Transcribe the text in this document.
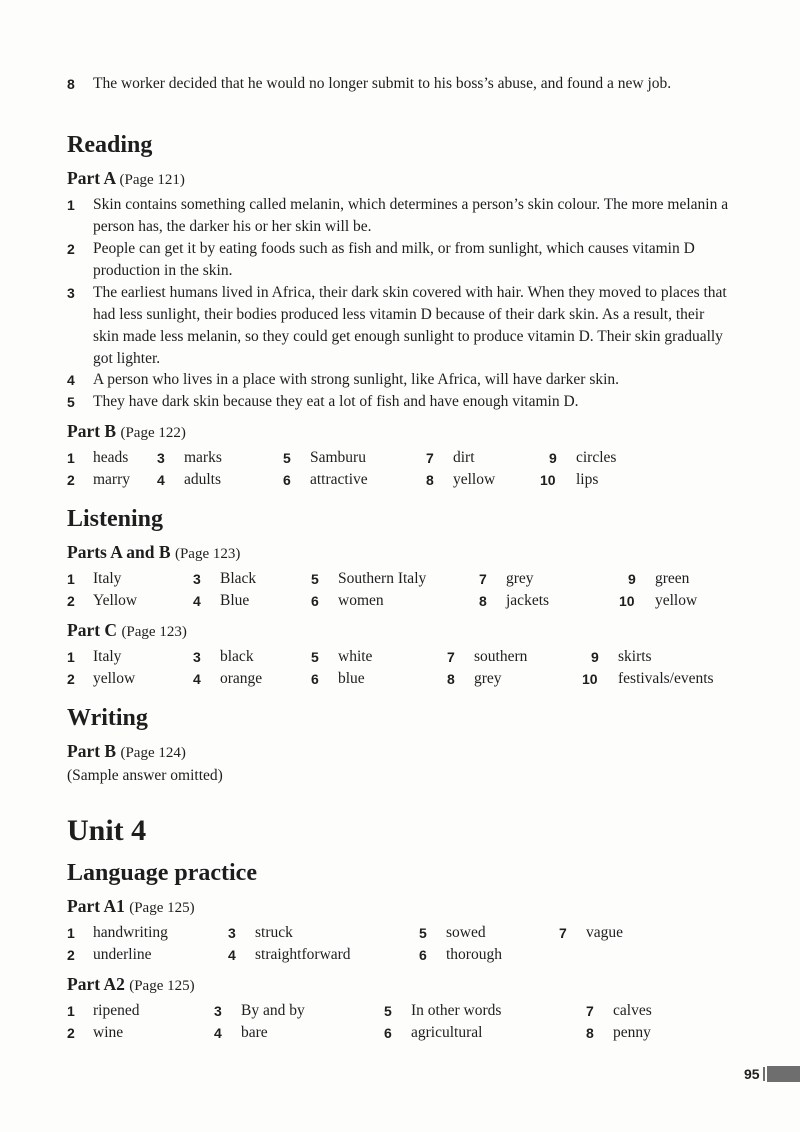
8 The worker decided that he would no longer submit to his boss’s abuse, and found a new job.
Reading
Part A (Page 121)
1 Skin contains something called melanin, which determines a person’s skin colour. The more melanin a person has, the darker his or her skin will be.
2 People can get it by eating foods such as fish and milk, or from sunlight, which causes vitamin D production in the skin.
3 The earliest humans lived in Africa, their dark skin covered with hair. When they moved to places that had less sunlight, their bodies produced less vitamin D because of their dark skin. As a result, their skin made less melanin, so they could get enough sunlight to produce vitamin D. Their skin gradually got lighter.
4 A person who lives in a place with strong sunlight, like Africa, will have darker skin.
5 They have dark skin because they eat a lot of fish and have enough vitamin D.
Part B (Page 122)
1 heads
2 marry
3 marks
4 adults
5 Samburu
6 attractive
7 dirt
8 yellow
9 circles
10 lips
Listening
Parts A and B (Page 123)
1 Italy
2 Yellow
3 Black
4 Blue
5 Southern Italy
6 women
7 grey
8 jackets
9 green
10 yellow
Part C (Page 123)
1 Italy
2 yellow
3 black
4 orange
5 white
6 blue
7 southern
8 grey
9 skirts
10 festivals/events
Writing
Part B (Page 124)
(Sample answer omitted)
Unit 4
Language practice
Part A1 (Page 125)
1 handwriting
2 underline
3 struck
4 straightforward
5 sowed
6 thorough
7 vague
Part A2 (Page 125)
1 ripened
2 wine
3 By and by
4 bare
5 In other words
6 agricultural
7 calves
8 penny
95
